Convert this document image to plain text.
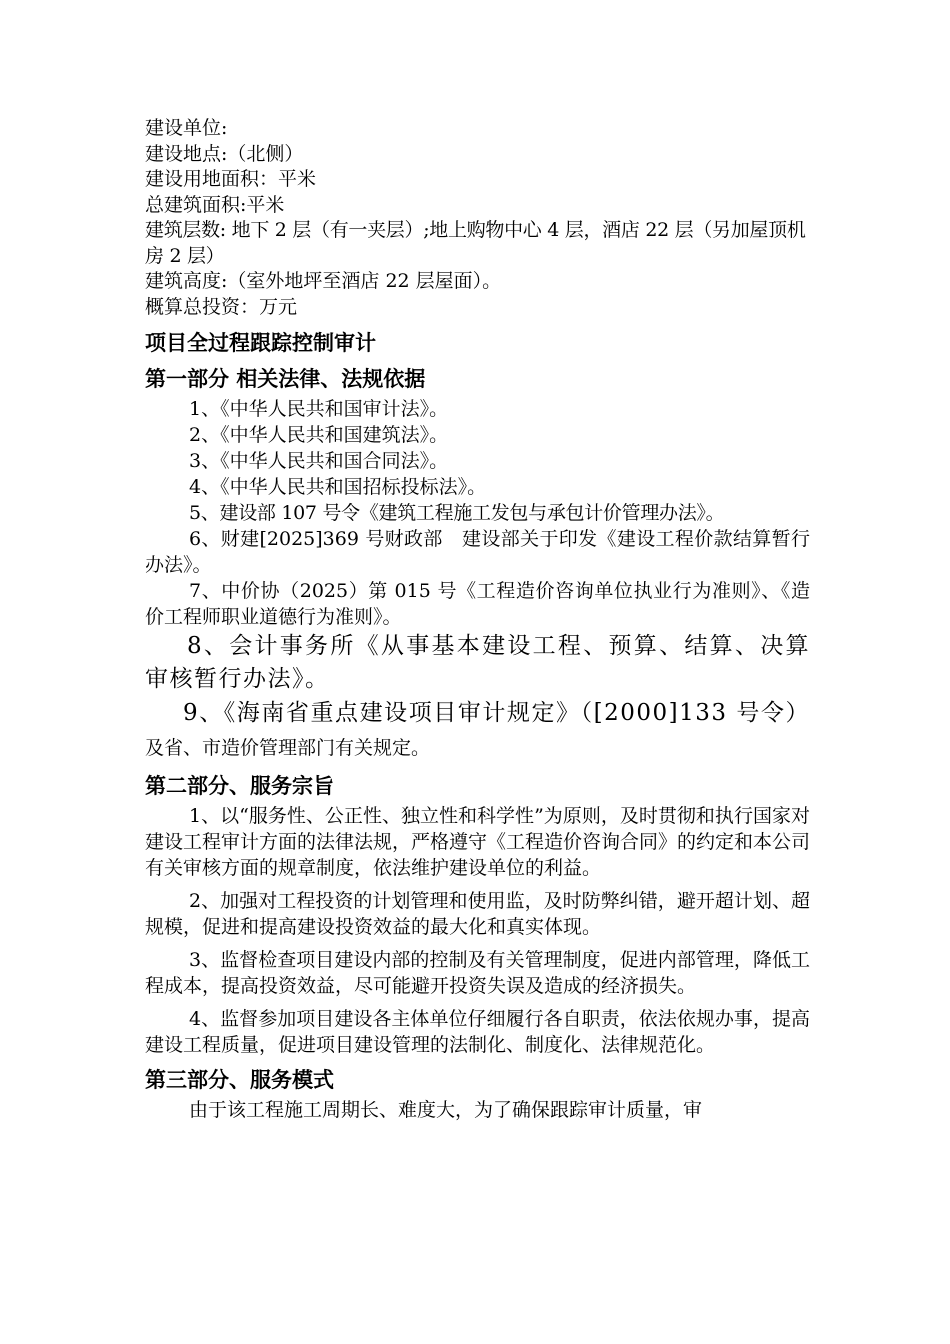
建设单位:

建设地点:（北侧）

建设用地面积：平米

总建筑面积:平米

建筑层数: 地下 2 层（有一夹层）;地上购物中心 4 层，酒店 22 层（另加屋顶机房 2 层）

建筑高度:（室外地坪至酒店 22 层屋面）。

概算总投资：万元

项目全过程跟踪控制审计
第一部分 相关法律、法规依据

1、《中华人民共和国审计法》。

2、《中华人民共和国建筑法》。

3、《中华人民共和国合同法》。

4、《中华人民共和国招标投标法》。

5、建设部 107 号令《建筑工程施工发包与承包计价管理办法》。

6、财建[2025]369 号财政部　建设部关于印发《建设工程价款结算暂行办法》。

7、中价协（2025）第 015 号《工程造价咨询单位执业行为准则》、《造价工程师职业道德行为准则》。

8、会计事务所《从事基本建设工程、预算、结算、决算审核暂行办法》。

9、《海南省重点建设项目审计规定》（[2000]133 号令）及省、市造价管理部门有关规定。

第二部分、服务宗旨

1、以“服务性、公正性、独立性和科学性”为原则，及时贯彻和执行国家对建设工程审计方面的法律法规，严格遵守《工程造价咨询合同》的约定和本公司有关审核方面的规章制度，依法维护建设单位的利益。

2、加强对工程投资的计划管理和使用监，及时防弊纠错，避开超计划、超规模，促进和提高建设投资效益的最大化和真实体现。

3、监督检查项目建设内部的控制及有关管理制度，促进内部管理，降低工程成本，提高投资效益，尽可能避开投资失误及造成的经济损失。

4、监督参加项目建设各主体单位仔细履行各自职责，依法依规办事，提高建设工程质量，促进项目建设管理的法制化、制度化、法律规范化。

第三部分、服务模式

由于该工程施工周期长、难度大，为了确保跟踪审计质量，审
